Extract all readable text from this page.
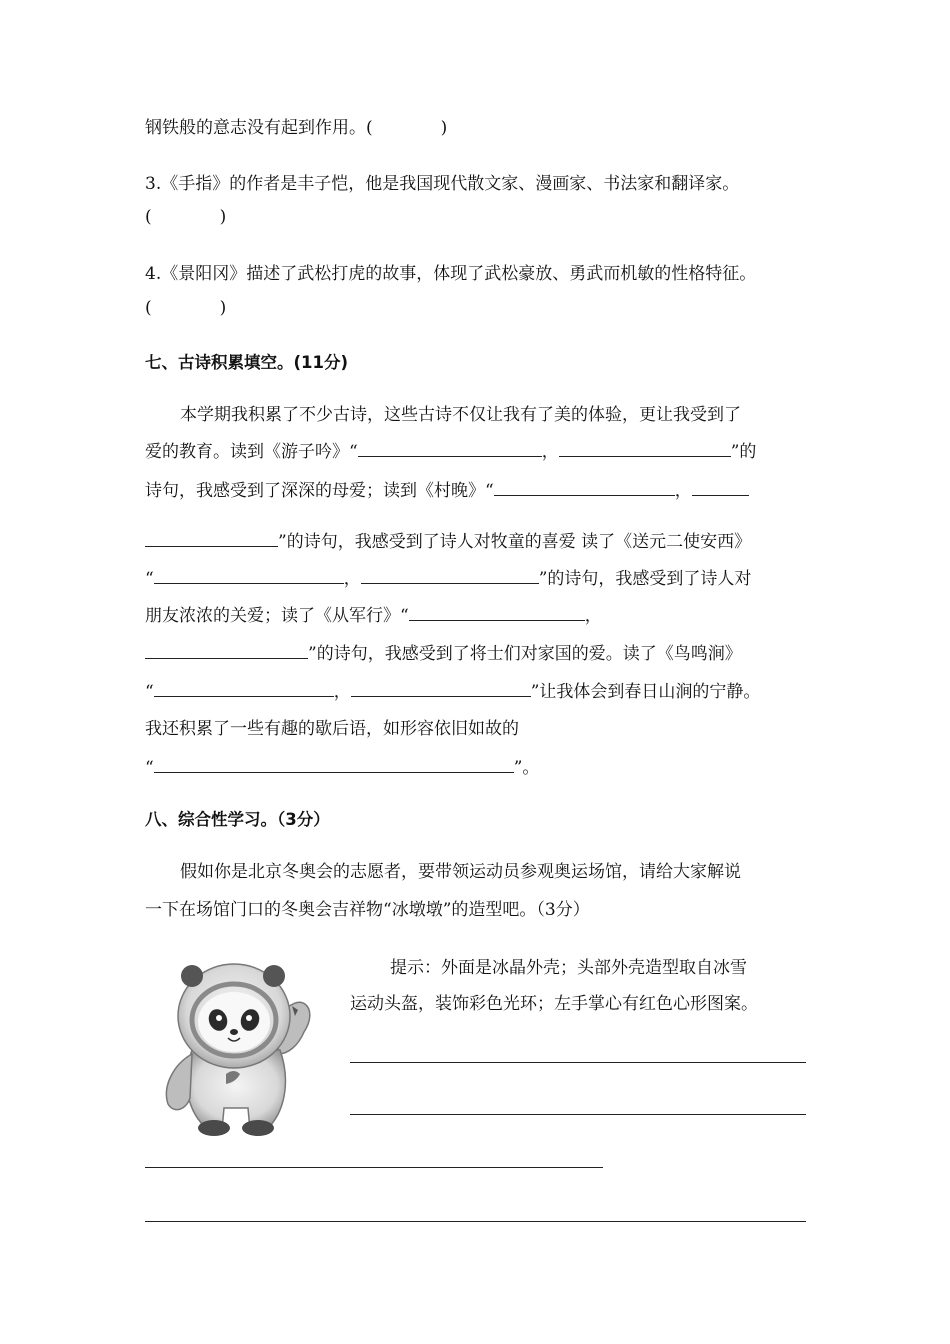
钢铁般的意志没有起到作用。(　　　　)
3.《手指》的作者是丰子恺，他是我国现代散文家、漫画家、书法家和翻译家。
(　　　　)
4.《景阳冈》描述了武松打虎的故事，体现了武松豪放、勇武而机敏的性格特征。
(　　　　)
七、古诗积累填空。(11分)
本学期我积累了不少古诗，这些古诗不仅让我有了美的体验，更让我受到了
爱的教育。读到《游子吟》“	，	”的
诗句，我感受到了深深的母爱；读到《村晚》“	，
”的诗句，我感受到了诗人对牧童的喜爱 读了《送元二使安西》
“	，	”的诗句，我感受到了诗人对
朋友浓浓的关爱；读了《从军行》“	，
”的诗句，我感受到了将士们对家国的爱。读了《鸟鸣涧》
“	，	”让我体会到春日山涧的宁静。
我还积累了一些有趣的歇后语，如形容依旧如故的
“	”。
八、综合性学习。（3分）
假如你是北京冬奥会的志愿者，要带领运动员参观奥运场馆，请给大家解说
一下在场馆门口的冬奥会吉祥物“冰墩墩”的造型吧。（3分）
提示：外面是冰晶外壳；头部外壳造型取自冰雪
运动头盔，装饰彩色光环；左手掌心有红色心形图案。
